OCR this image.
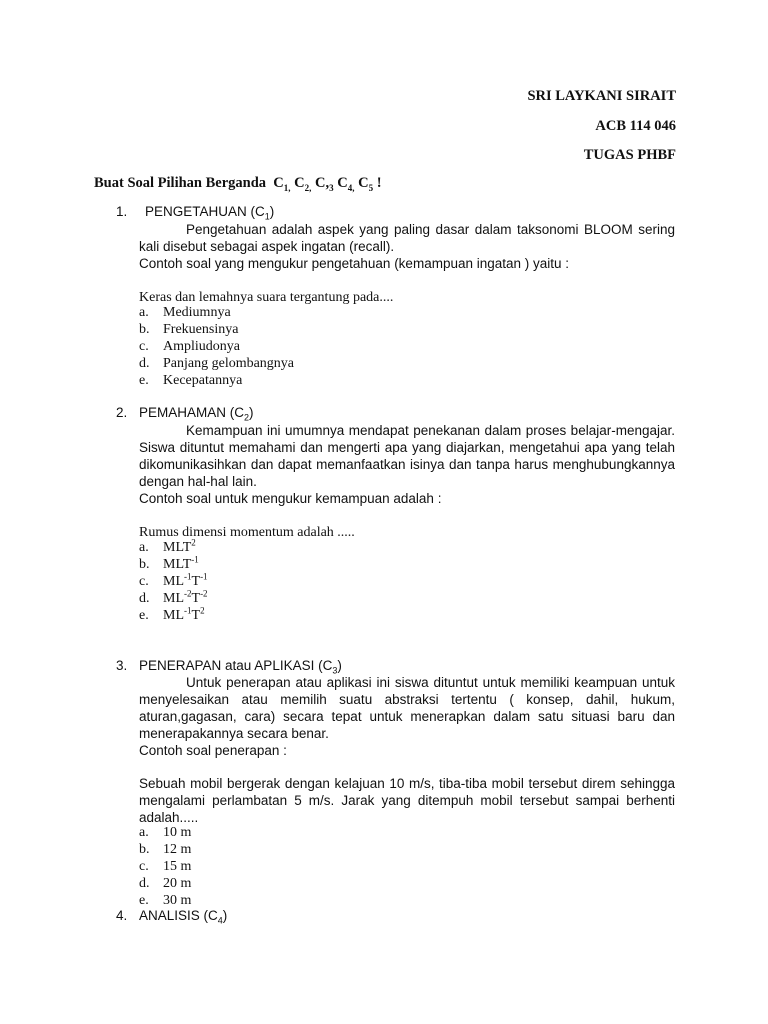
SRI LAYKANI SIRAIT
ACB 114 046
TUGAS PHBF
Buat Soal Pilihan Berganda $C_{1,}$ $C_{2,}$ $C,_3$ $C_{4,}$ $C_5$ !
1. PENGETAHUAN $(C_1)$
Pengetahuan adalah aspek yang paling dasar dalam taksonomi BLOOM sering kali disebut sebagai aspek ingatan (recall).
Contoh soal yang mengukur pengetahuan (kemampuan ingatan ) yaitu :
Keras dan lemahnya suara tergantung pada....
a. Mediumnya
b. Frekuensinya
c. Ampliudonya
d. Panjang gelombangnya
e. Kecepatannya
2. PEMAHAMAN $(C_2)$
Kemampuan ini umumnya mendapat penekanan dalam proses belajar-mengajar. Siswa dituntut memahami dan mengerti apa yang diajarkan, mengetahui apa yang telah dikomunikasihkan dan dapat memanfaatkan isinya dan tanpa harus menghubungkannya dengan hal-hal lain.
Contoh soal untuk mengukur kemampuan adalah :
Rumus dimensi momentum adalah .....
a. MLT$^2$
b. $MLT^{-1}$
c. $ML^{-1}T^{-1}$
d. $ML^{-2}T^{-2}$
e. $ML^{-1}T^2$
3. PENERAPAN atau APLIKASI $(C_3)$
Untuk penerapan atau aplikasi ini siswa dituntut untuk memiliki keampuan untuk menyelesaikan atau memilih suatu abstraksi tertentu ( konsep, dahil, hukum, aturan,gagasan, cara) secara tepat untuk menerapkan dalam satu situasi baru dan menerapakannya secara benar.
Contoh soal penerapan :
Sebuah mobil bergerak dengan kelajuan 10 m/s, tiba-tiba mobil tersebut direm sehingga mengalami perlambatan 5 m/s. Jarak yang ditempuh mobil tersebut sampai berhenti adalah.....
a. 10 m
b. 12 m
c. 15 m
d. 20 m
e. 30 m
4. ANALISIS $(C_4)$
